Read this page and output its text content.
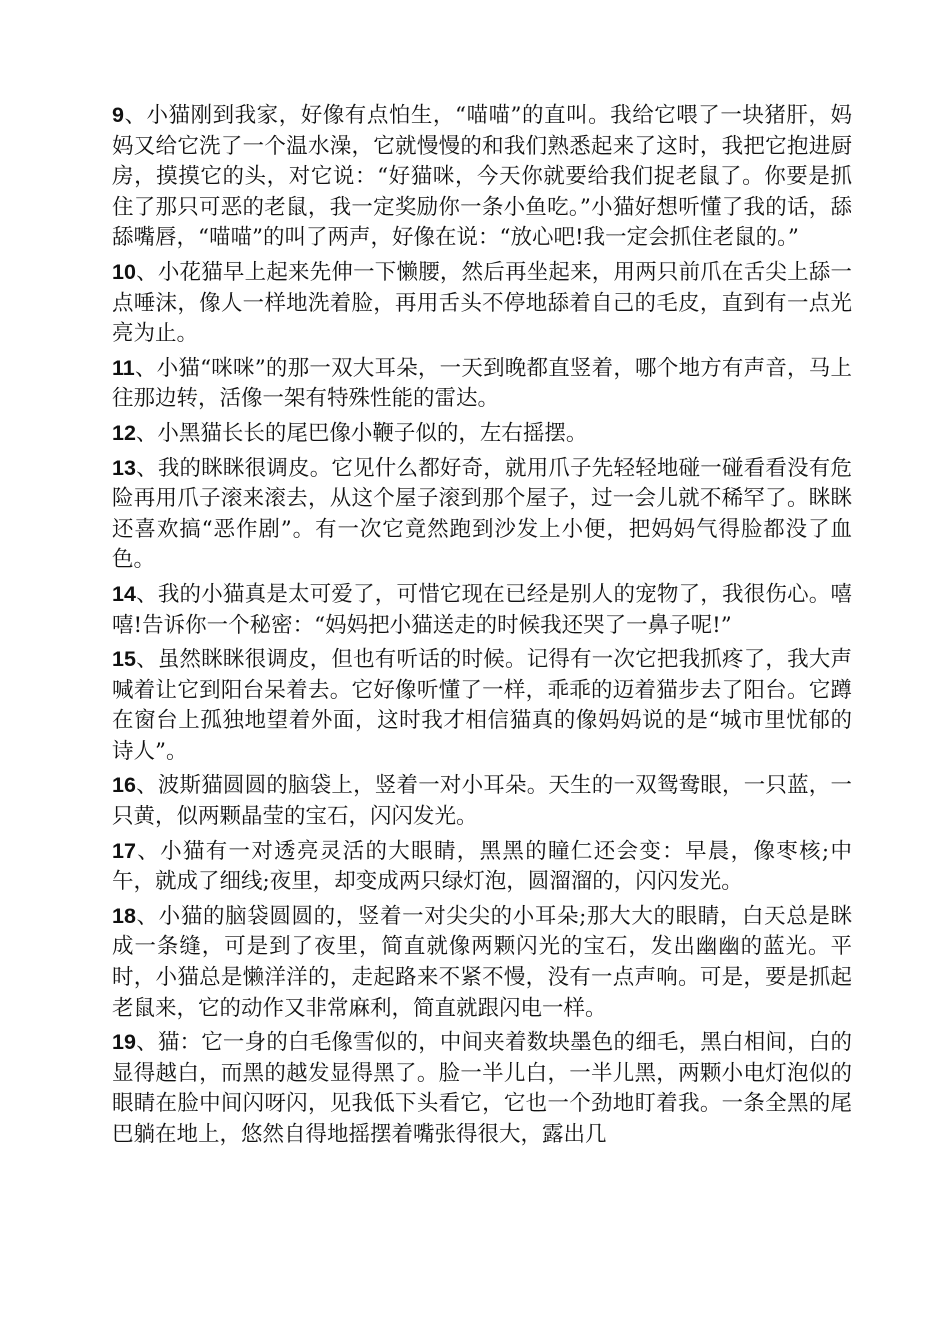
9、小猫刚到我家，好像有点怕生，“喵喵”的直叫。我给它喂了一块猪肝，妈妈又给它洗了一个温水澡，它就慢慢的和我们熟悉起来了这时，我把它抱进厨房，摸摸它的头，对它说：“好猫咪，今天你就要给我们捉老鼠了。你要是抓住了那只可恶的老鼠，我一定奖励你一条小鱼吃。”小猫好想听懂了我的话，舔舔嘴唇，“喵喵”的叫了两声，好像在说：“放心吧!我一定会抓住老鼠的。”

10、小花猫早上起来先伸一下懒腰，然后再坐起来，用两只前爪在舌尖上舔一点唾沫，像人一样地洗着脸，再用舌头不停地舔着自己的毛皮，直到有一点光亮为止。

11、小猫“咪咪”的那一双大耳朵，一天到晚都直竖着，哪个地方有声音，马上往那边转，活像一架有特殊性能的雷达。

12、小黑猫长长的尾巴像小鞭子似的，左右摇摆。

13、我的眯眯很调皮。它见什么都好奇，就用爪子先轻轻地碰一碰看看没有危险再用爪子滚来滚去，从这个屋子滚到那个屋子，过一会儿就不稀罕了。眯眯还喜欢搞“恶作剧”。有一次它竟然跑到沙发上小便，把妈妈气得脸都没了血色。

14、我的小猫真是太可爱了，可惜它现在已经是别人的宠物了，我很伤心。嘻嘻!告诉你一个秘密：“妈妈把小猫送走的时候我还哭了一鼻子呢!”

15、虽然眯眯很调皮，但也有听话的时候。记得有一次它把我抓疼了，我大声喊着让它到阳台呆着去。它好像听懂了一样，乖乖的迈着猫步去了阳台。它蹲在窗台上孤独地望着外面，这时我才相信猫真的像妈妈说的是“城市里忧郁的诗人”。

16、波斯猫圆圆的脑袋上，竖着一对小耳朵。天生的一双鸳鸯眼，一只蓝，一只黄，似两颗晶莹的宝石，闪闪发光。

17、小猫有一对透亮灵活的大眼睛，黑黑的瞳仁还会变：早晨，像枣核;中午，就成了细线;夜里，却变成两只绿灯泡，圆溜溜的，闪闪发光。

18、小猫的脑袋圆圆的，竖着一对尖尖的小耳朵;那大大的眼睛，白天总是眯成一条缝，可是到了夜里，简直就像两颗闪光的宝石，发出幽幽的蓝光。平时，小猫总是懒洋洋的，走起路来不紧不慢，没有一点声响。可是，要是抓起老鼠来，它的动作又非常麻利，简直就跟闪电一样。

19、猫：它一身的白毛像雪似的，中间夹着数块墨色的细毛，黑白相间，白的显得越白，而黑的越发显得黑了。脸一半儿白，一半儿黑，两颗小电灯泡似的眼睛在脸中间闪呀闪，见我低下头看它，它也一个劲地盯着我。一条全黑的尾巴躺在地上，悠然自得地摇摆着嘴张得很大，露出几
